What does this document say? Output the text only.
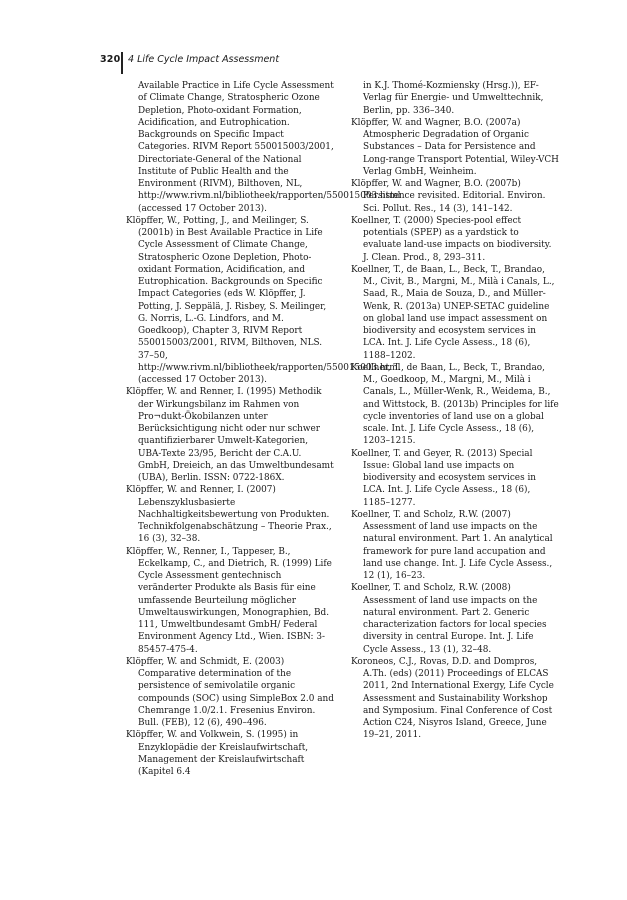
320 4 Life Cycle Impact Assessment

Available Practice in Life Cycle Assessment of Climate Change, Stratospheric Ozone Depletion, Photo-oxidant Formation, Acidification, and Eutrophication. Backgrounds on Specific Impact Categories. RIVM Report 550015003/2001, Directoriate-General of the National Institute of Public Health and the Environment (RIVM), Bilthoven, NL, http://www.rivm.nl/bibliotheek/rapporten/550015003.html (accessed 17 October 2013).

Klöpffer, W., Potting, J., and Meilinger, S. (2001b) in Best Available Practice in Life Cycle Assessment of Climate Change, Stratospheric Ozone Depletion, Photo-oxidant Formation, Acidification, and Eutrophication. Backgrounds on Specific Impact Categories (eds W. Klöpffer, J. Potting, J. Seppälä, J. Risbey, S. Meilinger, G. Norris, L.-G. Lindfors, and M. Goedkoop), Chapter 3, RIVM Report 550015003/2001, RIVM, Bilthoven, NLS. 37–50, http://www.rivm.nl/bibliotheek/rapporten/550015003.html (accessed 17 October 2013).

Klöpffer, W. and Renner, I. (1995) Methodik der Wirkungsbilanz im Rahmen von Pro¬dukt-Ökobilanzen unter Berücksichtigung nicht oder nur schwer quantifizierbarer Umwelt-Kategorien, UBA-Texte 23/95, Bericht der C.A.U. GmbH, Dreieich, an das Umweltbundesamt (UBA), Berlin. ISSN: 0722-186X.

Klöpffer, W. and Renner, I. (2007) Lebenszyklusbasierte Nachhaltigkeitsbewertung von Produkten. Technikfolgenabschätzung – Theorie Prax., 16 (3), 32–38.

Klöpffer, W., Renner, I., Tappeser, B., Eckelkamp, C., and Dietrich, R. (1999) Life Cycle Assessment gentechnisch veränderter Produkte als Basis für eine umfassende Beurteilung möglicher Umweltauswirkungen, Monographien, Bd. 111, Umweltbundesamt GmbH/ Federal Environment Agency Ltd., Wien. ISBN: 3-85457-475-4.

Klöpffer, W. and Schmidt, E. (2003) Comparative determination of the persistence of semivolatile organic compounds (SOC) using SimpleBox 2.0 and Chemrange 1.0/2.1. Fresenius Environ. Bull. (FEB), 12 (6), 490–496.

Klöpffer, W. and Volkwein, S. (1995) in Enzyklopädie der Kreislaufwirtschaft, Management der Kreislaufwirtschaft (Kapitel 6.4

in K.J. Thomé-Kozmiensky (Hrsg.)), EF-Verlag für Energie- und Umwelttechnik, Berlin, pp. 336–340.

Klöpffer, W. and Wagner, B.O. (2007a) Atmospheric Degradation of Organic Substances – Data for Persistence and Long-range Transport Potential, Wiley-VCH Verlag GmbH, Weinheim.

Klöpffer, W. and Wagner, B.O. (2007b) Persistence revisited. Editorial. Environ. Sci. Pollut. Res., 14 (3), 141–142.

Koellner, T. (2000) Species-pool effect potentials (SPEP) as a yardstick to evaluate land-use impacts on biodiversity. J. Clean. Prod., 8, 293–311.

Koellner, T., de Baan, L., Beck, T., Brandao, M., Civit, B., Margni, M., Milà i Canals, L., Saad, R., Maia de Souza, D., and Müller-Wenk, R. (2013a) UNEP-SETAC guideline on global land use impact assessment on biodiversity and ecosystem services in LCA. Int. J. Life Cycle Assess., 18 (6), 1188–1202.

Koellner, T., de Baan, L., Beck, T., Brandao, M., Goedkoop, M., Margni, M., Milà i Canals, L., Müller-Wenk, R., Weidema, B., and Wittstock, B. (2013b) Principles for life cycle inventories of land use on a global scale. Int. J. Life Cycle Assess., 18 (6), 1203–1215.

Koellner, T. and Geyer, R. (2013) Special Issue: Global land use impacts on biodiversity and ecosystem services in LCA. Int. J. Life Cycle Assess., 18 (6), 1185–1277.

Koellner, T. and Scholz, R.W. (2007) Assessment of land use impacts on the natural environment. Part 1. An analytical framework for pure land accupation and land use change. Int. J. Life Cycle Assess., 12 (1), 16–23.

Koellner, T. and Scholz, R.W. (2008) Assessment of land use impacts on the natural environment. Part 2. Generic characterization factors for local species diversity in central Europe. Int. J. Life Cycle Assess., 13 (1), 32–48.

Koroneos, C.J., Rovas, D.D. and Dompros, A.Th. (eds) (2011) Proceedings of ELCAS 2011, 2nd International Exergy, Life Cycle Assessment and Sustainability Workshop and Symposium. Final Conference of Cost Action C24, Nisyros Island, Greece, June 19–21, 2011.
